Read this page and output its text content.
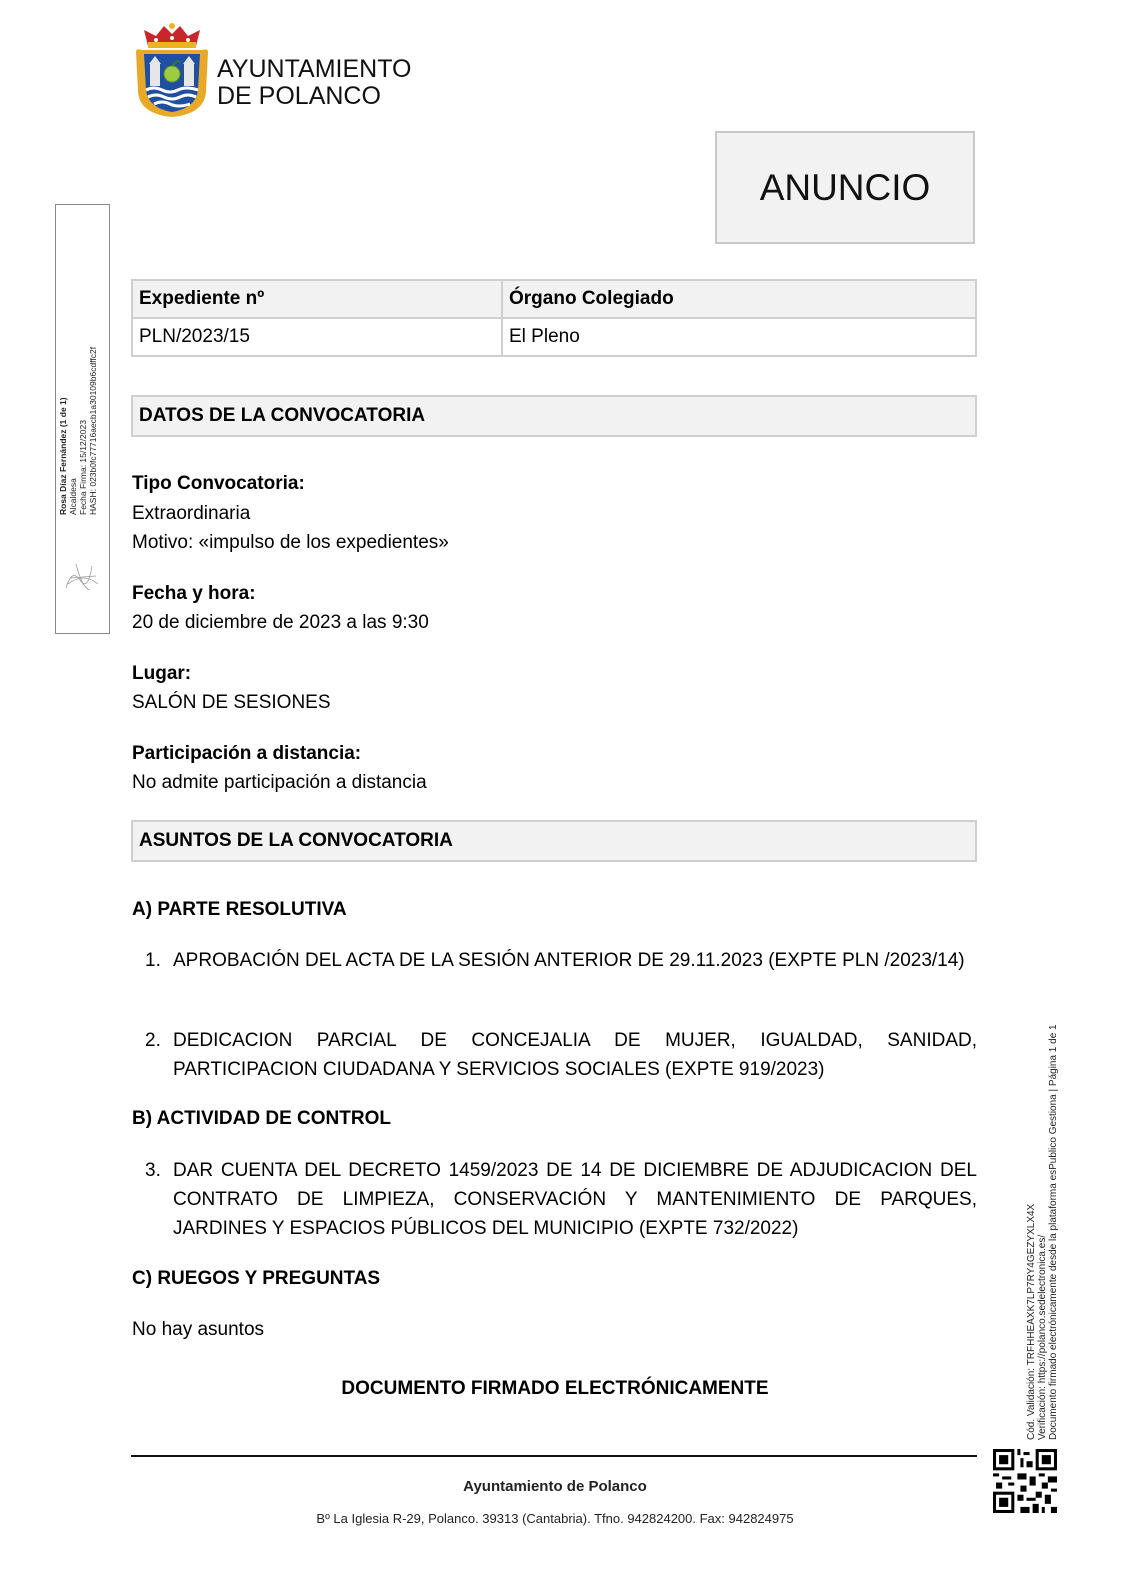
AYUNTAMIENTO
DE POLANCO
ANUNCIO
Expediente nº	Órgano Colegiado
PLN/2023/15	El Pleno
DATOS DE LA CONVOCATORIA
Tipo Convocatoria:
Extraordinaria
Motivo: «impulso de los expedientes»
Fecha y hora:
20 de diciembre de 2023 a las 9:30
Lugar:
SALÓN DE SESIONES
Participación a distancia:
No admite participación a distancia
ASUNTOS DE LA CONVOCATORIA
A) PARTE RESOLUTIVA
1. APROBACIÓN DEL ACTA DE LA SESIÓN ANTERIOR DE 29.11.2023 (EXPTE PLN /2023/14)
2. DEDICACION PARCIAL DE CONCEJALIA DE MUJER, IGUALDAD, SANIDAD, PARTICIPACION CIUDADANA Y SERVICIOS SOCIALES (EXPTE 919/2023)
B) ACTIVIDAD DE CONTROL
3. DAR CUENTA DEL DECRETO 1459/2023 DE 14 DE DICIEMBRE DE ADJUDICACION DEL CONTRATO DE LIMPIEZA, CONSERVACIÓN Y MANTENIMIENTO DE PARQUES, JARDINES Y ESPACIOS PÚBLICOS DEL MUNICIPIO (EXPTE 732/2022)
C) RUEGOS Y PREGUNTAS
No hay asuntos
DOCUMENTO FIRMADO ELECTRÓNICAMENTE
Ayuntamiento de Polanco
Bº La Iglesia R-29, Polanco. 39313 (Cantabria). Tfno. 942824200. Fax: 942824975
Rosa Díaz Fernández (1 de 1) Alcaldesa Fecha Firma: 15/12/2023 HASH: 023b0fc77716aecb1a30109b6cdffc2f
Cód. Validación: TRFHHEAXK7LP7RY4GEZYXLX4X Verificación: https://polanco.sedelectronica.es/ Documento firmado electrónicamente desde la plataforma esPublico Gestiona | Página 1 de 1
